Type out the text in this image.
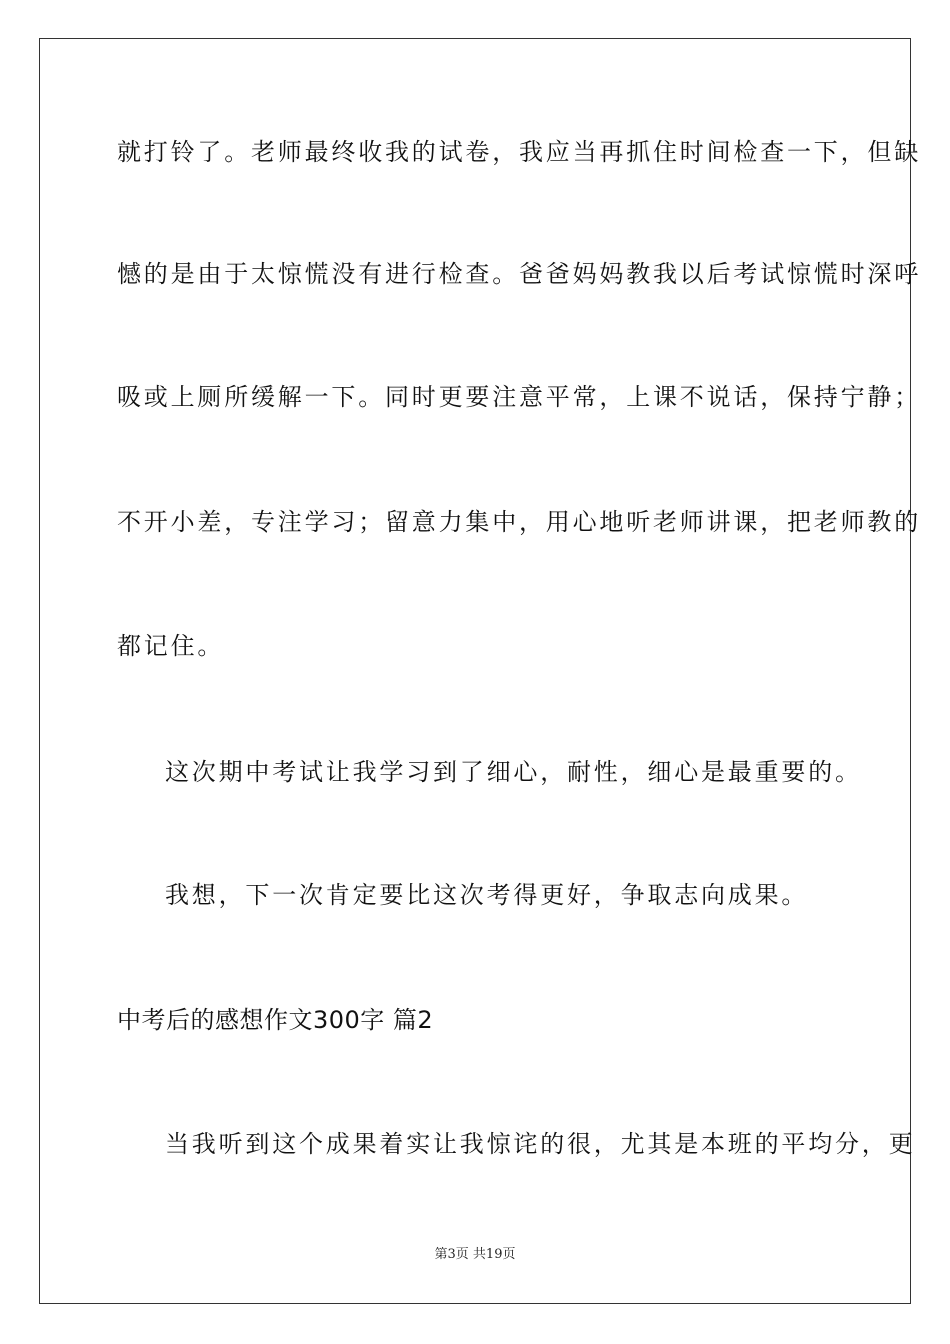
就打铃了。老师最终收我的试卷，我应当再抓住时间检查一下，但缺
憾的是由于太惊慌没有进行检查。爸爸妈妈教我以后考试惊慌时深呼
吸或上厕所缓解一下。同时更要注意平常，上课不说话，保持宁静；
不开小差，专注学习；留意力集中，用心地听老师讲课，把老师教的
都记住。
这次期中考试让我学习到了细心，耐性，细心是最重要的。
我想，下一次肯定要比这次考得更好，争取志向成果。
中考后的感想作文300字 篇2
当我听到这个成果着实让我惊诧的很，尤其是本班的平均分，更
第3页 共19页
